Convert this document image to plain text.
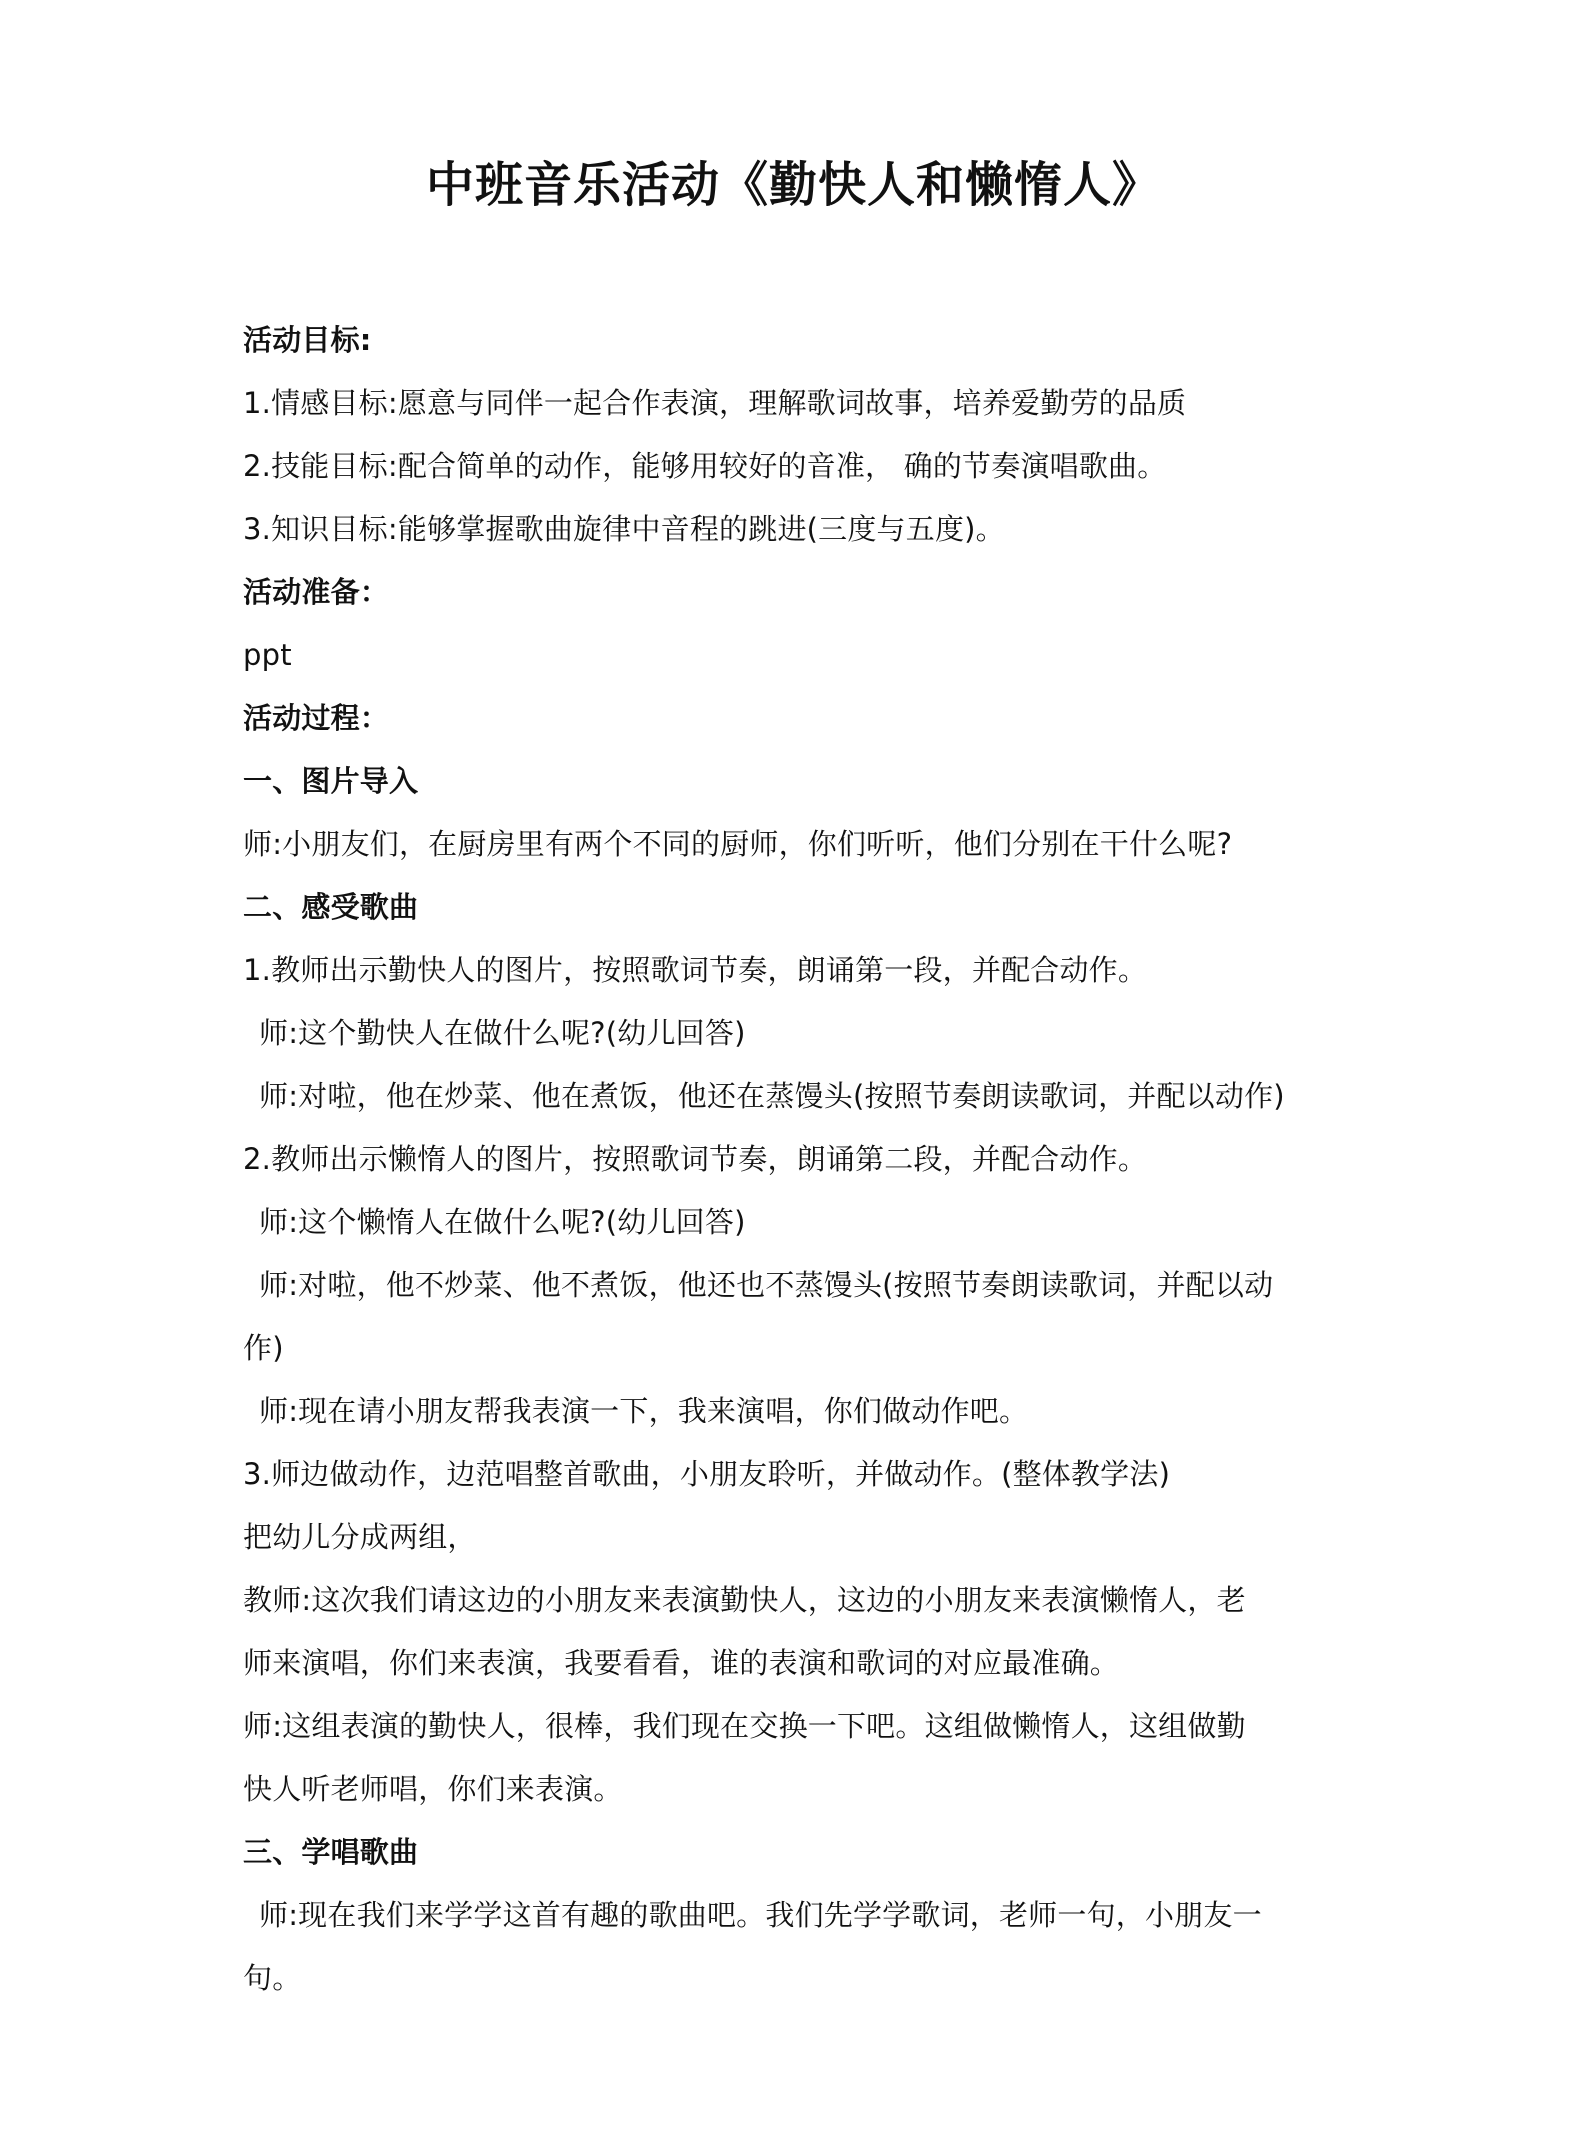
中班音乐活动《勤快人和懒惰人》
活动目标:
1.情感目标:愿意与同伴一起合作表演，理解歌词故事，培养爱勤劳的品质
2.技能目标:配合简单的动作，能够用较好的音准， 确的节奏演唱歌曲。
3.知识目标:能够掌握歌曲旋律中音程的跳进(三度与五度)。
活动准备：
ppt
活动过程：
一、图片导入
师:小朋友们，在厨房里有两个不同的厨师，你们听听，他们分别在干什么呢?
二、感受歌曲
1.教师出示勤快人的图片，按照歌词节奏，朗诵第一段，并配合动作。
师:这个勤快人在做什么呢?(幼儿回答)
师:对啦，他在炒菜、他在煮饭，他还在蒸馒头(按照节奏朗读歌词，并配以动作)
2.教师出示懒惰人的图片，按照歌词节奏，朗诵第二段，并配合动作。
师:这个懒惰人在做什么呢?(幼儿回答)
师:对啦，他不炒菜、他不煮饭，他还也不蒸馒头(按照节奏朗读歌词，并配以动
作)
师:现在请小朋友帮我表演一下，我来演唱，你们做动作吧。
3.师边做动作，边范唱整首歌曲，小朋友聆听，并做动作。(整体教学法)
把幼儿分成两组，
教师:这次我们请这边的小朋友来表演勤快人，这边的小朋友来表演懒惰人，老
师来演唱，你们来表演，我要看看，谁的表演和歌词的对应最准确。
师:这组表演的勤快人，很棒，我们现在交换一下吧。这组做懒惰人，这组做勤
快人听老师唱，你们来表演。
三、学唱歌曲
师:现在我们来学学这首有趣的歌曲吧。我们先学学歌词，老师一句，小朋友一
句。
